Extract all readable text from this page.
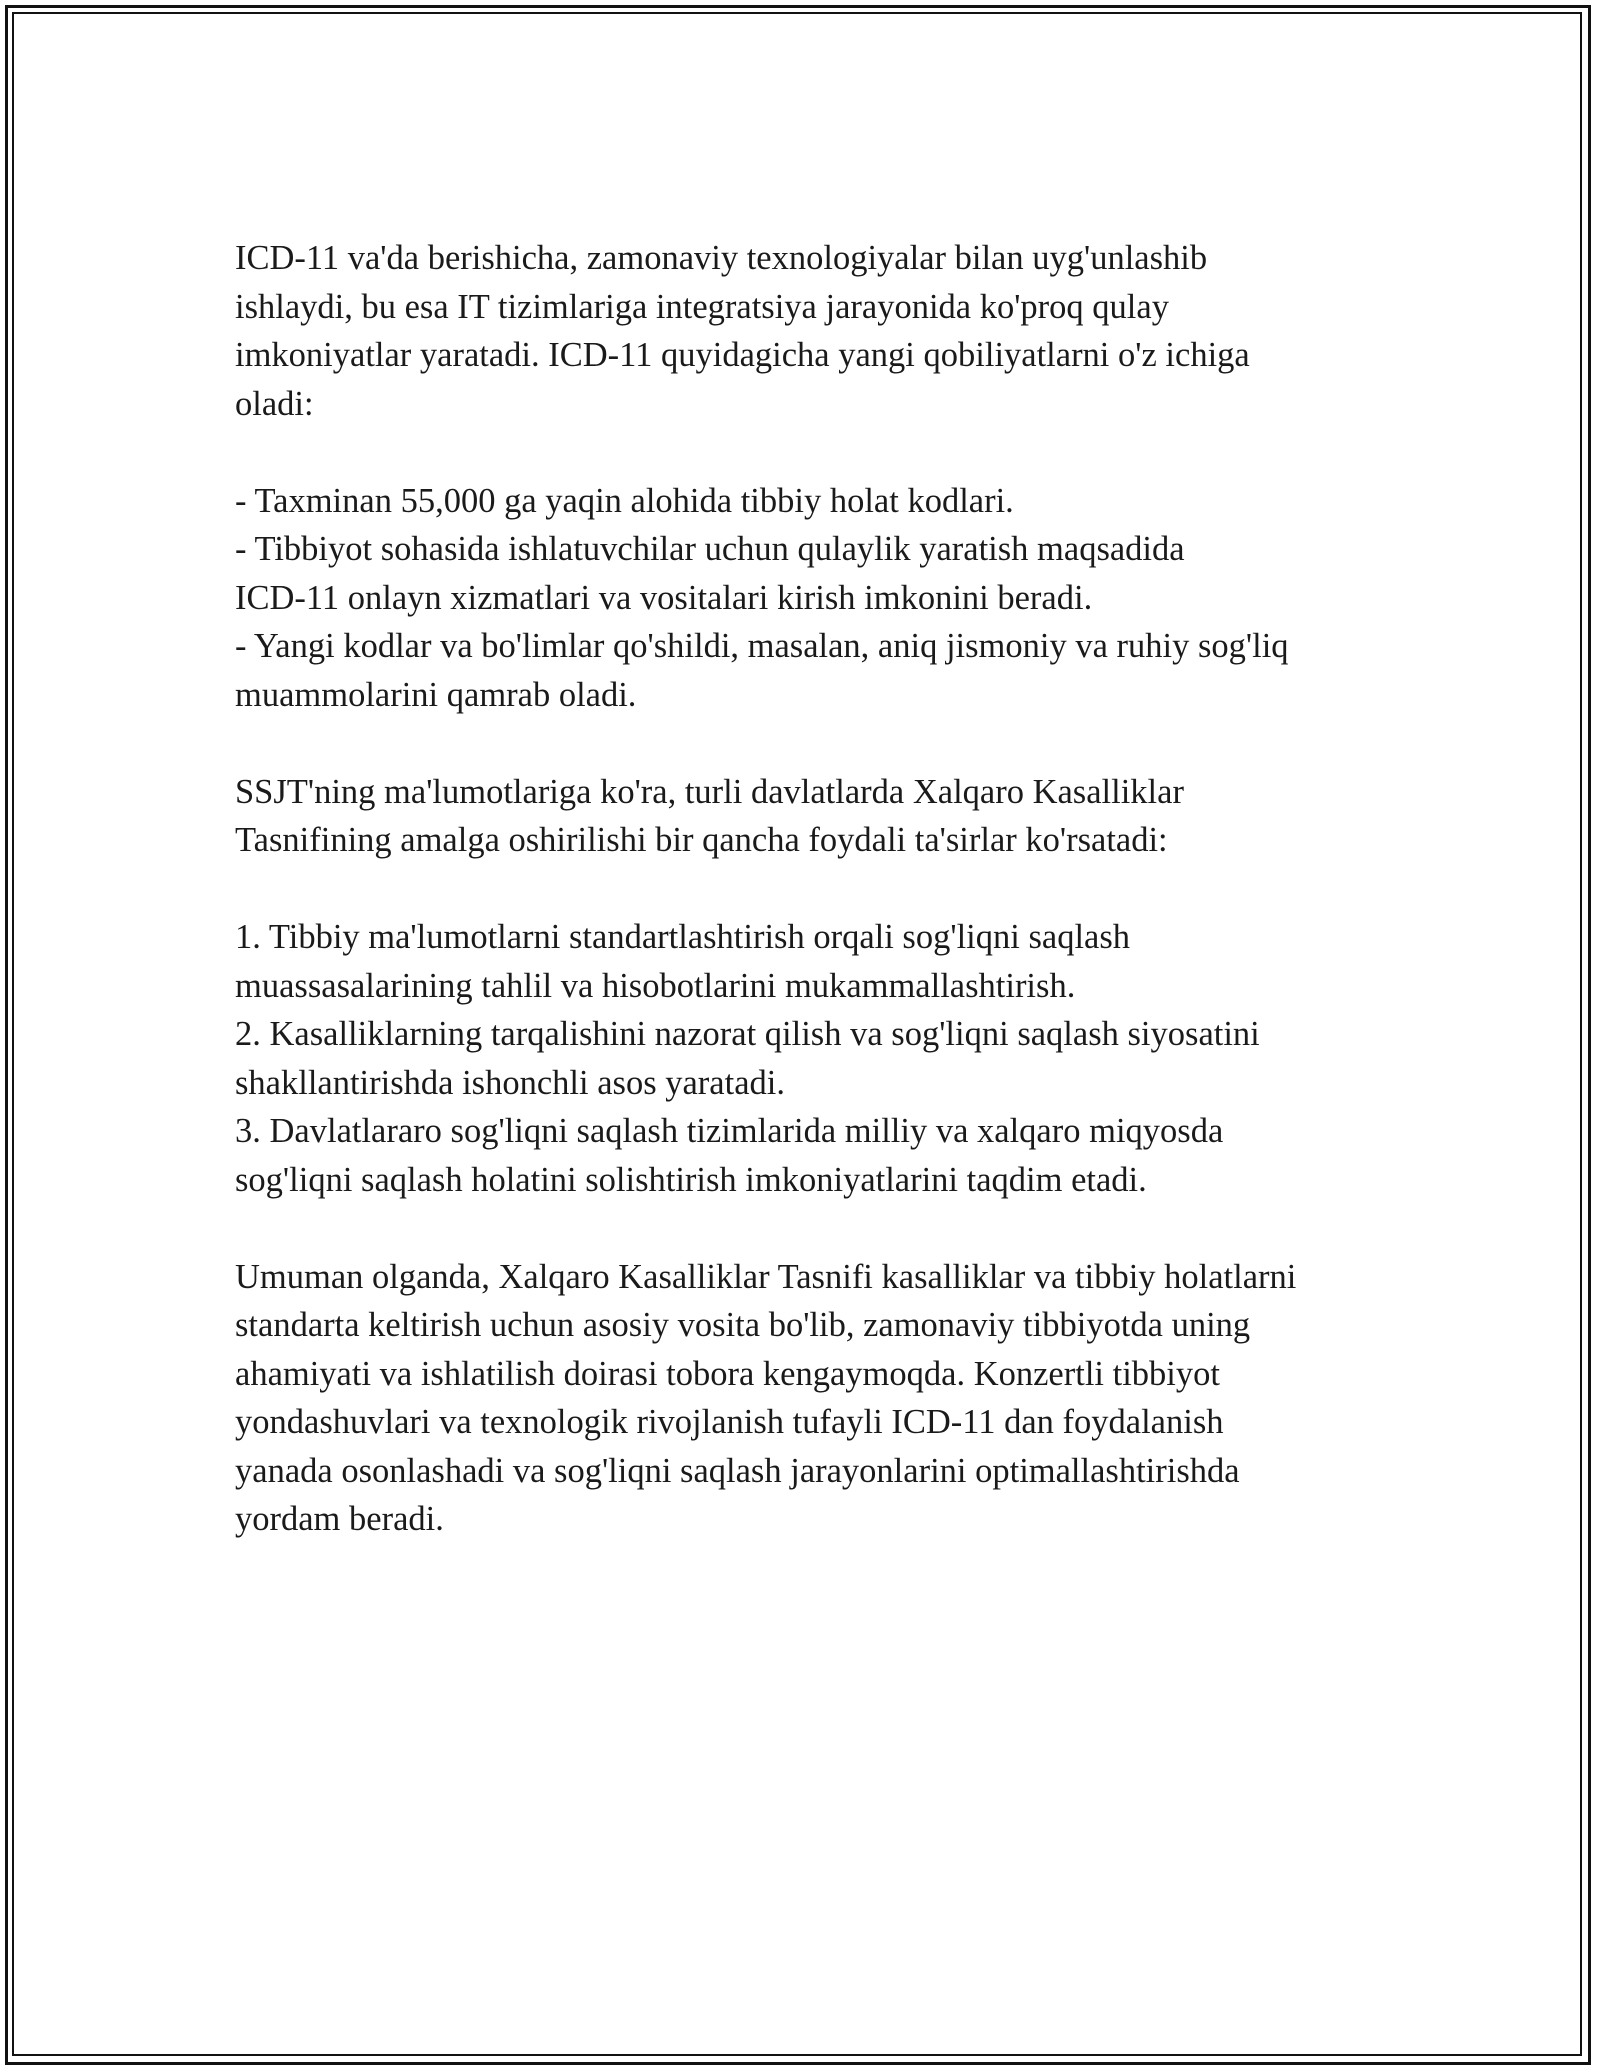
ICD-11 va'da berishicha, zamonaviy texnologiyalar bilan uyg'unlashib
ishlaydi, bu esa IT tizimlariga integratsiya jarayonida ko'proq qulay
imkoniyatlar yaratadi. ICD-11 quyidagicha yangi qobiliyatlarni o'z ichiga
oladi:

- Taxminan 55,000 ga yaqin alohida tibbiy holat kodlari.
- Tibbiyot sohasida ishlatuvchilar uchun qulaylik yaratish maqsadida
ICD-11 onlayn xizmatlari va vositalari kirish imkonini beradi.
- Yangi kodlar va bo'limlar qo'shildi, masalan, aniq jismoniy va ruhiy sog'liq
muammolarini qamrab oladi.

SSJT'ning ma'lumotlariga ko'ra, turli davlatlarda Xalqaro Kasalliklar
Tasnifining amalga oshirilishi bir qancha foydali ta'sirlar ko'rsatadi:

1. Tibbiy ma'lumotlarni standartlashtirish orqali sog'liqni saqlash
muassasalarining tahlil va hisobotlarini mukammallashtirish.
2. Kasalliklarning tarqalishini nazorat qilish va sog'liqni saqlash siyosatini
shakllantirishda ishonchli asos yaratadi.
3. Davlatlararo sog'liqni saqlash tizimlarida milliy va xalqaro miqyosda
sog'liqni saqlash holatini solishtirish imkoniyatlarini taqdim etadi.

Umuman olganda, Xalqaro Kasalliklar Tasnifi kasalliklar va tibbiy holatlarni
standarta keltirish uchun asosiy vosita bo'lib, zamonaviy tibbiyotda uning
ahamiyati va ishlatilish doirasi tobora kengaymoqda. Konzertli tibbiyot
yondashuvlari va texnologik rivojlanish tufayli ICD-11 dan foydalanish
yanada osonlashadi va sog'liqni saqlash jarayonlarini optimallashtirishda
yordam beradi.
